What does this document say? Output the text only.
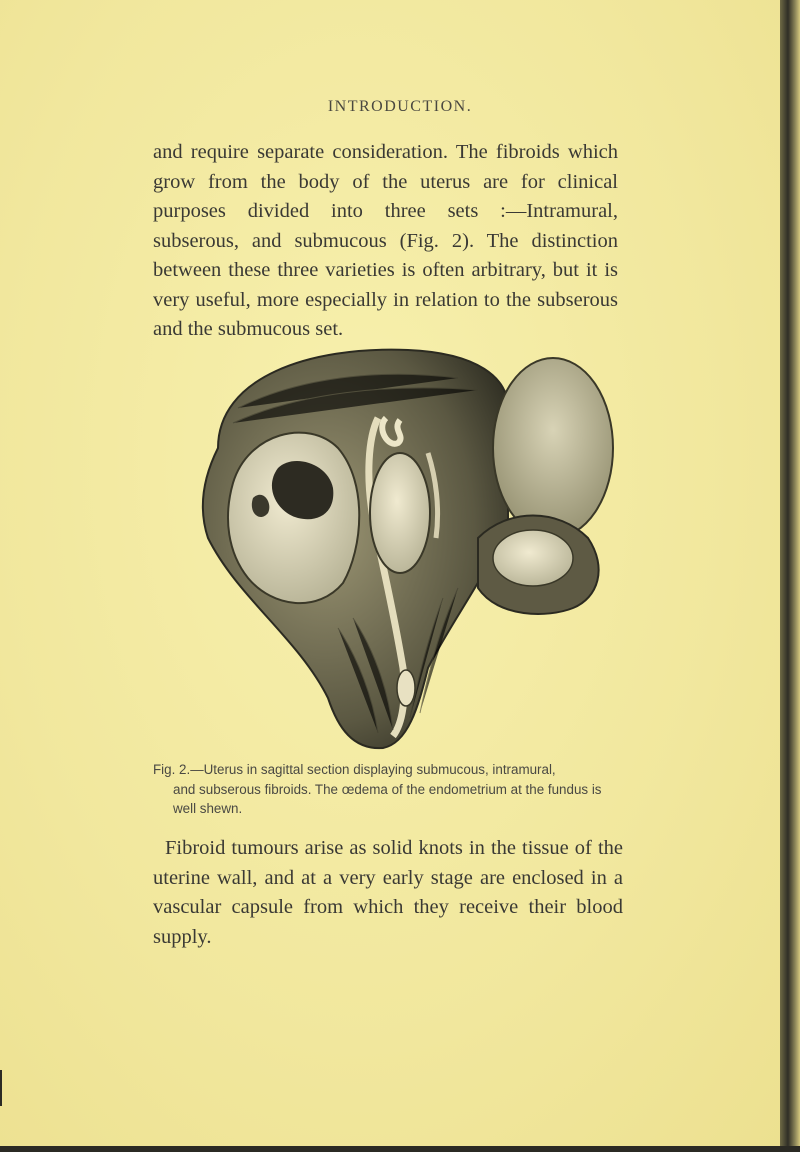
INTRODUCTION.

and require separate consideration. The fibroids which grow from the body of the uterus are for clinical purposes divided into three sets :—Intramural, subserous, and submucous (Fig. 2). The distinction between these three varieties is often arbitrary, but it is very useful, more especially in relation to the subserous and the submucous set.

Fig. 2.—Uterus in sagittal section displaying submucous, intramural,
and subserous fibroids. The œdema of the endometrium at the fundus is well shewn.

Fibroid tumours arise as solid knots in the tissue of the uterine wall, and at a very early stage are enclosed in a vascular capsule from which they receive their blood supply.
